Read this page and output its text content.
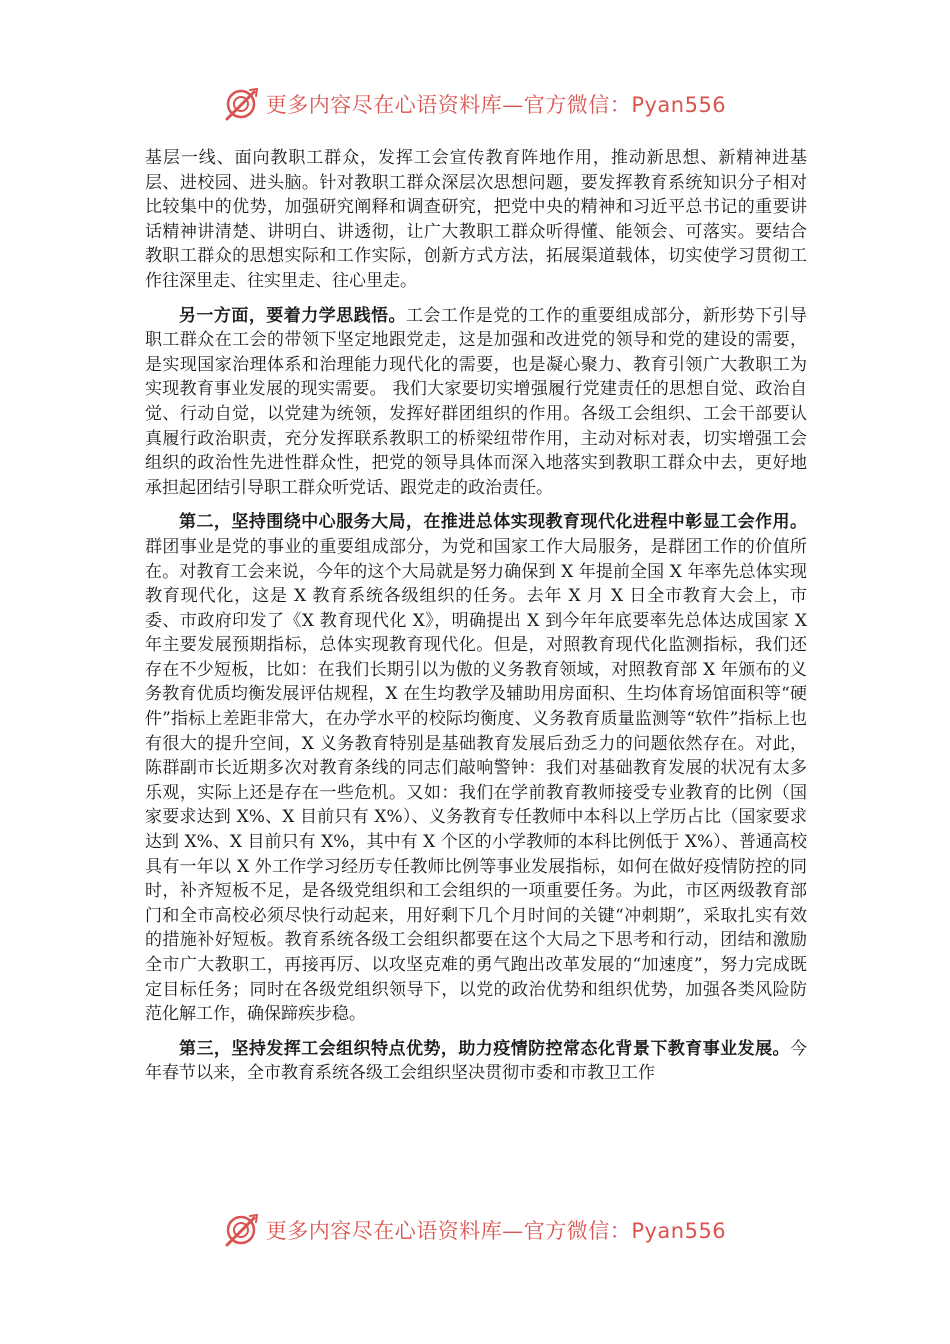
更多内容尽在心语资料库—官方微信：Pyan556

基层一线、面向教职工群众，发挥工会宣传教育阵地作用，推动新思想、新精神进基层、进校园、进头脑。针对教职工群众深层次思想问题，要发挥教育系统知识分子相对比较集中的优势，加强研究阐释和调查研究，把党中央的精神和习近平总书记的重要讲话精神讲清楚、讲明白、讲透彻，让广大教职工群众听得懂、能领会、可落实。要结合教职工群众的思想实际和工作实际，创新方式方法，拓展渠道载体，切实使学习贯彻工作往深里走、往实里走、往心里走。

另一方面，要着力学思践悟。工会工作是党的工作的重要组成部分，新形势下引导职工群众在工会的带领下坚定地跟党走，这是加强和改进党的领导和党的建设的需要，是实现国家治理体系和治理能力现代化的需要，也是凝心聚力、教育引领广大教职工为实现教育事业发展的现实需要。 我们大家要切实增强履行党建责任的思想自觉、政治自觉、行动自觉，以党建为统领，发挥好群团组织的作用。各级工会组织、工会干部要认真履行政治职责，充分发挥联系教职工的桥梁纽带作用，主动对标对表，切实增强工会组织的政治性先进性群众性，把党的领导具体而深入地落实到教职工群众中去，更好地承担起团结引导职工群众听党话、跟党走的政治责任。

第二，坚持围绕中心服务大局，在推进总体实现教育现代化进程中彰显工会作用。群团事业是党的事业的重要组成部分，为党和国家工作大局服务，是群团工作的价值所在。对教育工会来说，今年的这个大局就是努力确保到 X 年提前全国 X 年率先总体实现教育现代化，这是 X 教育系统各级组织的任务。去年 X 月 X 日全市教育大会上，市委、市政府印发了《X 教育现代化 X》，明确提出 X 到今年年底要率先总体达成国家 X 年主要发展预期指标，总体实现教育现代化。但是，对照教育现代化监测指标，我们还存在不少短板，比如：在我们长期引以为傲的义务教育领域，对照教育部 X 年颁布的义务教育优质均衡发展评估规程，X 在生均教学及辅助用房面积、生均体育场馆面积等“硬件”指标上差距非常大，在办学水平的校际均衡度、义务教育质量监测等“软件”指标上也有很大的提升空间，X 义务教育特别是基础教育发展后劲乏力的问题依然存在。对此，陈群副市长近期多次对教育条线的同志们敲响警钟：我们对基础教育发展的状况有太多乐观，实际上还是存在一些危机。又如：我们在学前教育教师接受专业教育的比例（国家要求达到 X%、X 目前只有 X%）、义务教育专任教师中本科以上学历占比（国家要求达到 X%、X 目前只有 X%，其中有 X 个区的小学教师的本科比例低于 X%）、普通高校具有一年以 X 外工作学习经历专任教师比例等事业发展指标，如何在做好疫情防控的同时，补齐短板不足，是各级党组织和工会组织的一项重要任务。为此，市区两级教育部门和全市高校必须尽快行动起来，用好剩下几个月时间的关键“冲刺期”，采取扎实有效的措施补好短板。教育系统各级工会组织都要在这个大局之下思考和行动，团结和激励全市广大教职工，再接再厉、以攻坚克难的勇气跑出改革发展的“加速度”，努力完成既定目标任务；同时在各级党组织领导下，以党的政治优势和组织优势，加强各类风险防范化解工作，确保蹄疾步稳。

第三，坚持发挥工会组织特点优势，助力疫情防控常态化背景下教育事业发展。今年春节以来，全市教育系统各级工会组织坚决贯彻市委和市教卫工作

更多内容尽在心语资料库—官方微信：Pyan556
